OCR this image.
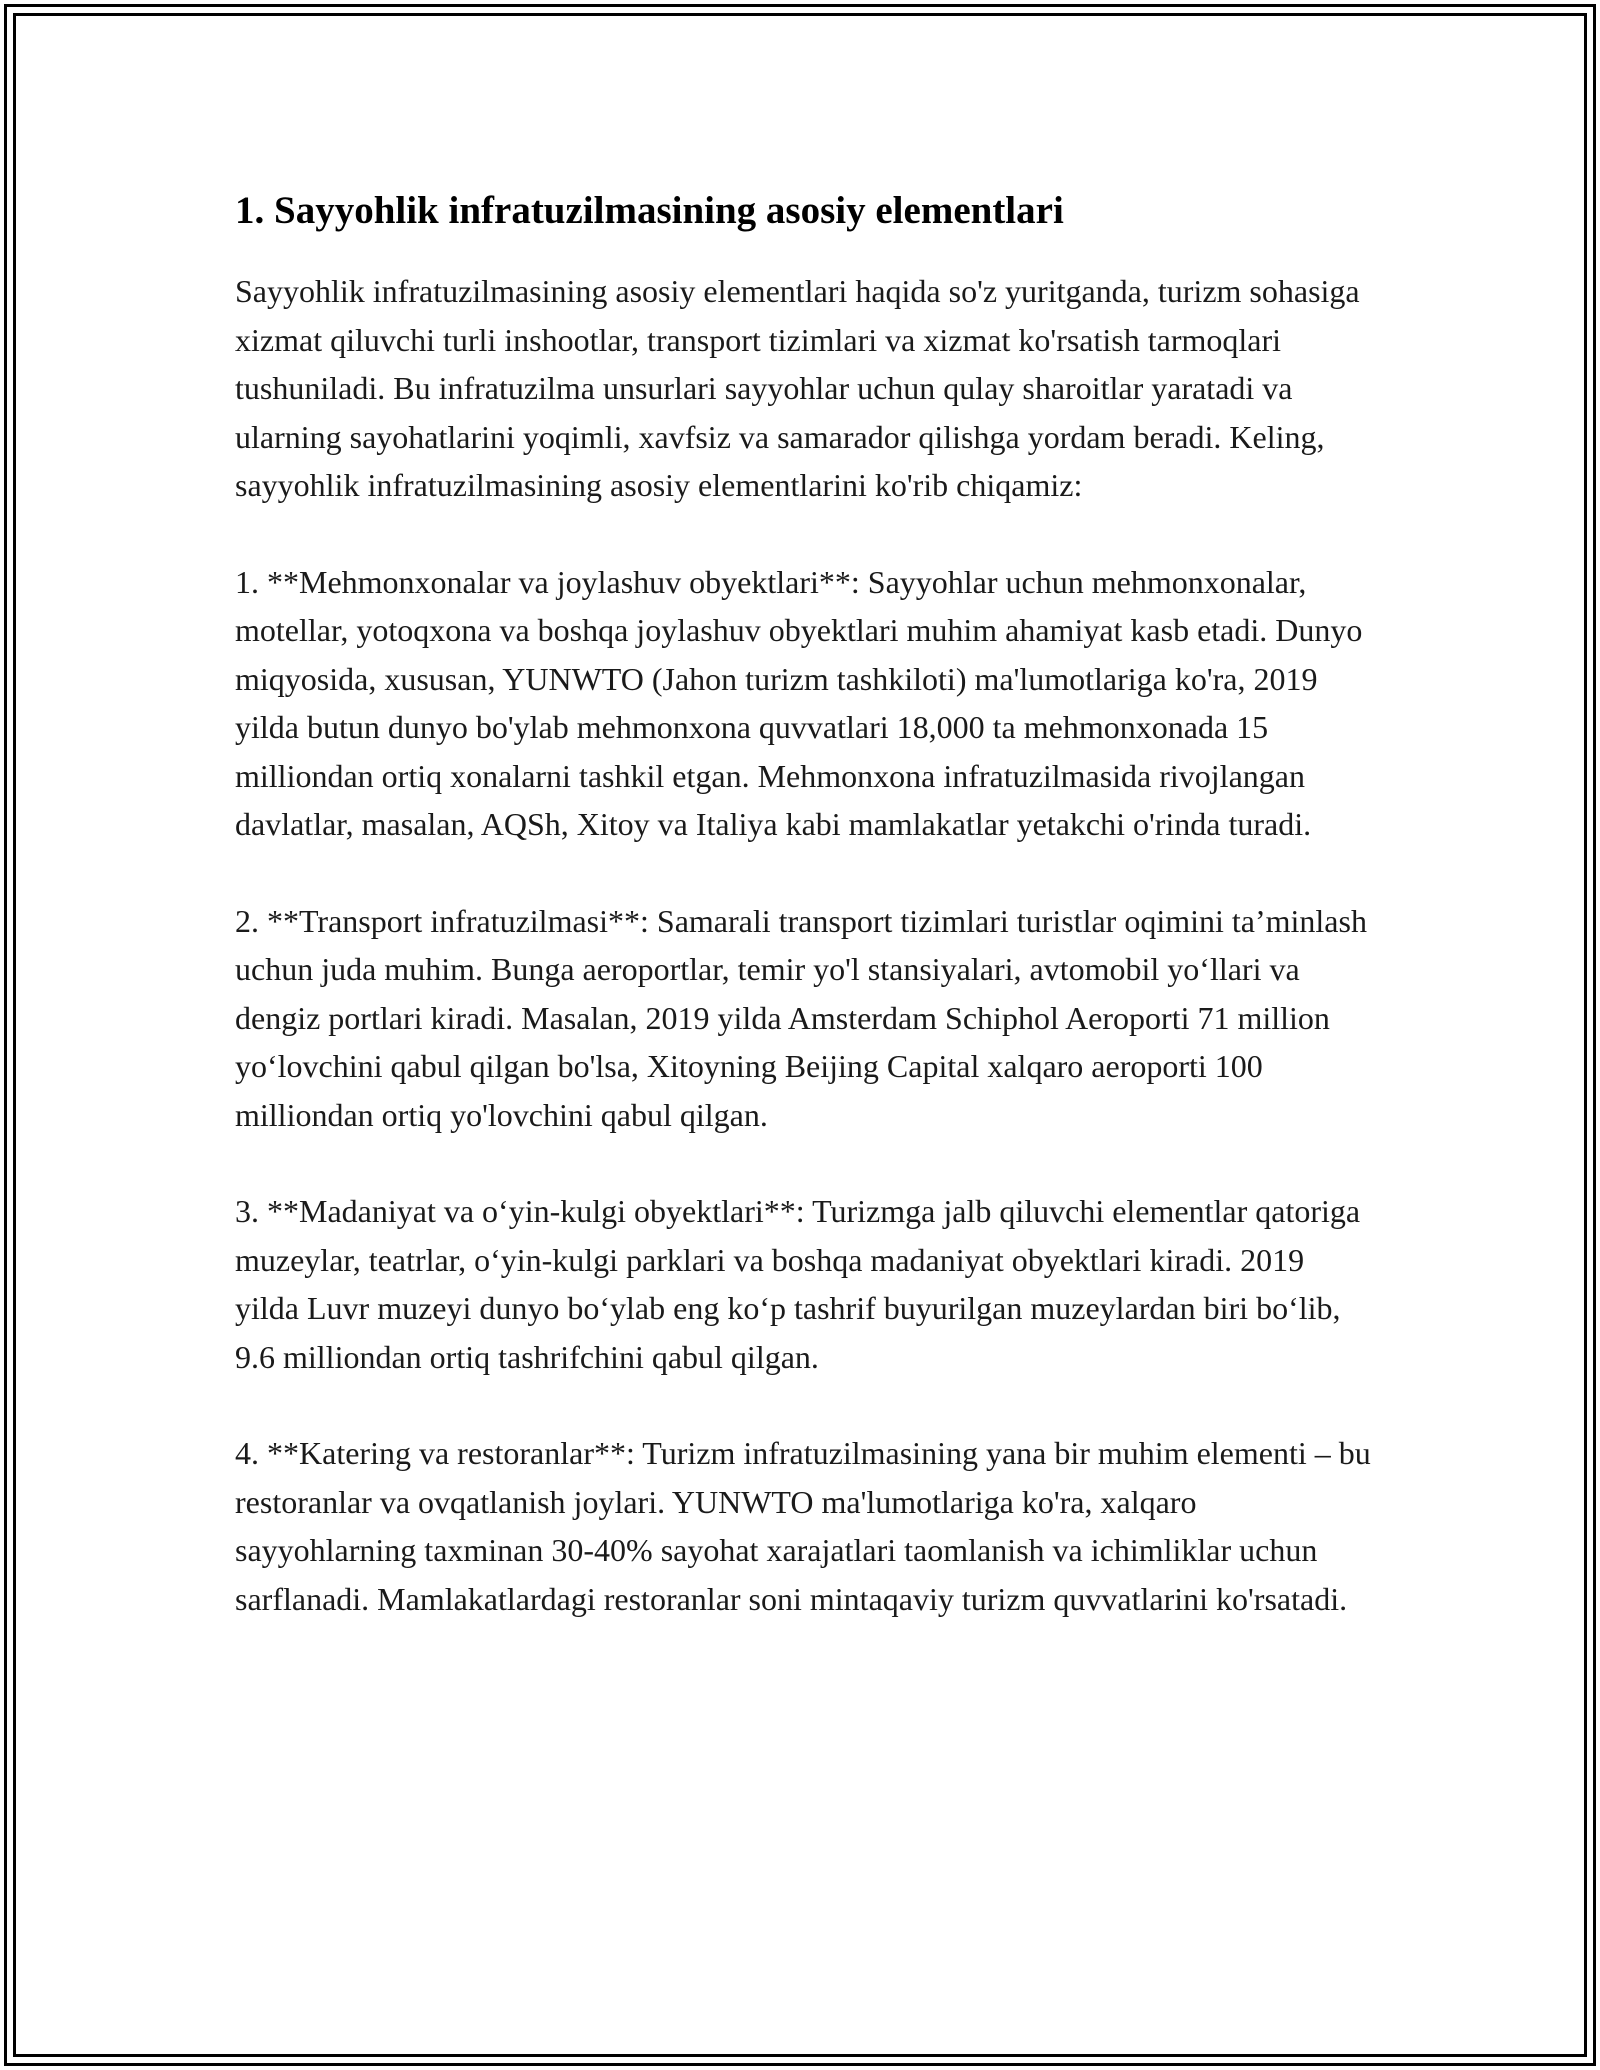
1. Sayyohlik infratuzilmasining asosiy elementlari

Sayyohlik infratuzilmasining asosiy elementlari haqida so'z yuritganda, turizm sohasiga xizmat qiluvchi turli inshootlar, transport tizimlari va xizmat ko'rsatish tarmoqlari tushuniladi. Bu infratuzilma unsurlari sayyohlar uchun qulay sharoitlar yaratadi va ularning sayohatlarini yoqimli, xavfsiz va samarador qilishga yordam beradi. Keling, sayyohlik infratuzilmasining asosiy elementlarini ko'rib chiqamiz:

1. **Mehmonxonalar va joylashuv obyektlari**: Sayyohlar uchun mehmonxonalar, motellar, yotoqxona va boshqa joylashuv obyektlari muhim ahamiyat kasb etadi. Dunyo miqyosida, xususan, YUNWTO (Jahon turizm tashkiloti) ma'lumotlariga ko'ra, 2019 yilda butun dunyo bo'ylab mehmonxona quvvatlari 18,000 ta mehmonxonada 15 milliondan ortiq xonalarni tashkil etgan. Mehmonxona infratuzilmasida rivojlangan davlatlar, masalan, AQSh, Xitoy va Italiya kabi mamlakatlar yetakchi o'rinda turadi.

2. **Transport infratuzilmasi**: Samarali transport tizimlari turistlar oqimini ta’minlash uchun juda muhim. Bunga aeroportlar, temir yo'l stansiyalari, avtomobil yo‘llari va dengiz portlari kiradi. Masalan, 2019 yilda Amsterdam Schiphol Aeroporti 71 million yo‘lovchini qabul qilgan bo'lsa, Xitoyning Beijing Capital xalqaro aeroporti 100 milliondan ortiq yo'lovchini qabul qilgan.

3. **Madaniyat va o‘yin-kulgi obyektlari**: Turizmga jalb qiluvchi elementlar qatoriga muzeylar, teatrlar, o‘yin-kulgi parklari va boshqa madaniyat obyektlari kiradi. 2019 yilda Luvr muzeyi dunyo bo‘ylab eng ko‘p tashrif buyurilgan muzeylardan biri bo‘lib, 9.6 milliondan ortiq tashrifchini qabul qilgan.

4. **Katering va restoranlar**: Turizm infratuzilmasining yana bir muhim elementi – bu restoranlar va ovqatlanish joylari. YUNWTO ma'lumotlariga ko'ra, xalqaro sayyohlarning taxminan 30-40% sayohat xarajatlari taomlanish va ichimliklar uchun sarflanadi. Mamlakatlardagi restoranlar soni mintaqaviy turizm quvvatlarini ko'rsatadi.
